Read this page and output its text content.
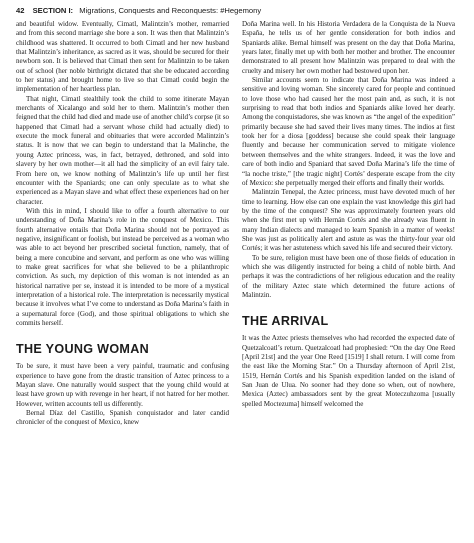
42 SECTION I: Migrations, Conquests and Reconquests: #Hegemony

and beautiful widow. Eventually, Cimatl, Malintzin’s mother, remarried and from this second marriage she bore a son. It was then that Malintzin’s childhood was shattered. It occurred to both Cimatl and her new husband that Malintzin’s inheritance, as sacred as it was, should be secured for their newborn son. It is believed that Cimatl then sent for Malintzin to be taken out of school (her noble birthright dictated that she be educated according to her status) and brought home to live so that Cimatl could begin the implementation of her heartless plan.

That night, Cimatl stealthily took the child to some itinerate Mayan merchants of Xicalango and sold her to them. Malintzin’s mother then feigned that the child had died and made use of another child’s corpse (it so happened that Cimatl had a servant whose child had actually died) to execute the mock funeral and obituaries that were accorded Malintzin’s status. It is now that we can begin to understand that la Malinche, the young Aztec princess, was, in fact, betrayed, dethroned, and sold into slavery by her own mother—it all had the simplicity of an evil fairy tale. From here on, we know nothing of Malintzin’s life up until her first encounter with the Spaniards; one can only speculate as to what she experienced as a Mayan slave and what effect these experiences had on her character.

With this in mind, I should like to offer a fourth alternative to our understanding of Doña Marina’s role in the conquest of Mexico. This fourth alternative entails that Doña Marina should not be portrayed as negative, insignificant or foolish, but instead be perceived as a woman who was able to act beyond her prescribed societal function, namely, that of being a mere concubine and servant, and perform as one who was willing to make great sacrifices for what she believed to be a philanthropic conviction. As such, my depiction of this woman is not intended as an historical narrative per se, instead it is intended to be more of a mystical interpretation of a historical role. The interpretation is necessarily mystical because it involves what I’ve come to understand as Doña Marina’s faith in a supernatural force (God), and those spiritual obligations to which she commits herself.

THE YOUNG WOMAN

To be sure, it must have been a very painful, traumatic and confusing experience to have gone from the drastic transition of Aztec princess to a Mayan slave. One naturally would suspect that the young child would at least have grown up with revenge in her heart, if not hatred for her mother. However, written accounts tell us differently.

Bernal Díaz del Castillo, Spanish conquistador and later candid chronicler of the conquest of Mexico, knew

Doña Marina well. In his Historia Verdadera de la Conquista de la Nueva España, he tells us of her gentle consideration for both indios and Spaniards alike. Bernal himself was present on the day that Doña Marina, years later, finally met up with both her mother and brother. The encounter demonstrated to all present how Malintzin was prepared to deal with the cruelty and misery her own mother had bestowed upon her.

Similar accounts seem to indicate that Doña Marina was indeed a sensitive and loving woman. She sincerely cared for people and continued to love those who had caused her the most pain and, as such, it is not surprising to read that both indios and Spaniards alike loved her dearly. Among the conquistadores, she was known as “the angel of the expedition” primarily because she had saved their lives many times. The indios at first took her for a diosa [goddess] because she could speak their language fluently and because her communication served to mitigate violence between themselves and the white strangers. Indeed, it was the love and care of both indio and Spaniard that saved Doña Marina’s life the time of “la noche triste,” [the tragic night] Cortés’ desperate escape from the city of Mexico: she perpetually merged their efforts and finally their worlds.

Malintzin Tenepal, the Aztec princess, must have devoted much of her time to learning. How else can one explain the vast knowledge this girl had by the time of the conquest? She was approximately fourteen years old when she first met up with Hernán Cortés and she already was fluent in many Indian dialects and managed to learn Spanish in a matter of weeks! She was just as politically alert and astute as was the thirty-four year old Cortés; it was her astuteness which saved his life and secured their victory.

To be sure, religion must have been one of those fields of education in which she was diligently instructed for being a child of noble birth. And perhaps it was the contradictions of her religious education and the reality of the military Aztec state which determined the future actions of Malintzin.

THE ARRIVAL

It was the Aztec priests themselves who had recorded the expected date of Quetzalcoatl’s return. Quetzalcoatl had prophesied: “On the day One Reed [April 21st] and the year One Reed [1519] I shall return. I will come from the east like the Morning Star.” On a Thursday afternoon of April 21st, 1519, Hernán Cortés and his Spanish expedition landed on the island of San Juan de Ulua. No sooner had they done so when, out of nowhere, Mexica (Aztec) ambassadors sent by the great Moteczuhzoma [usually spelled Moctezuma] himself welcomed the
